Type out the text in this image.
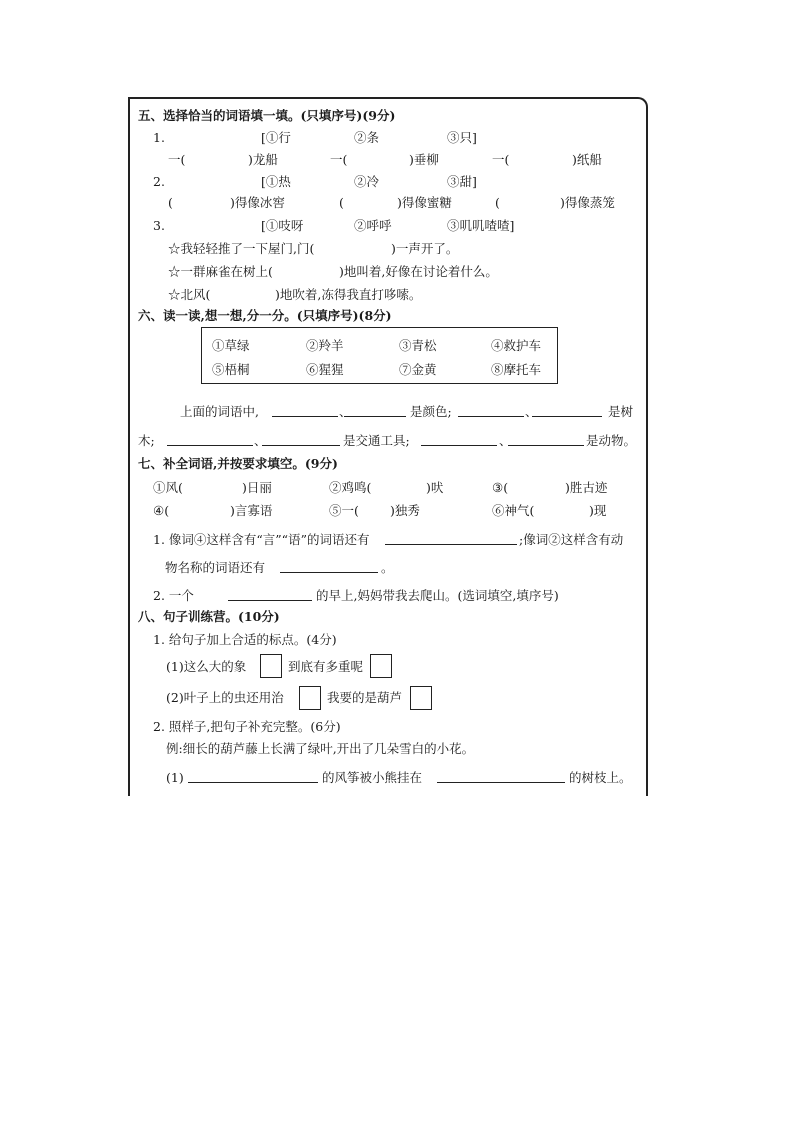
五、选择恰当的词语填一填。(只填序号)(9分)
1.	[①行	②条	③只]
一(	)龙船	一(	)垂柳	一(	)纸船
2.	[①热	②冷	③甜]
(	)得像冰窖	(	)得像蜜糖	(	)得像蒸笼
3.	[①吱呀	②呼呼	③叽叽喳喳]
☆我轻轻推了一下屋门,门(	)一声开了。
☆一群麻雀在树上(	)地叫着,好像在讨论着什么。
☆北风(	)地吹着,冻得我直打哆嗦。
六、读一读,想一想,分一分。(只填序号)(8分)
①草绿	②羚羊	③青松	④救护车
⑤梧桐	⑥猩猩	⑦金黄	⑧摩托车
上面的词语中,	、	是颜色;	、	是树
木;	、	是交通工具;	、	是动物。
七、补全词语,并按要求填空。(9分)
①风(	)日丽	②鸡鸣(	)吠	③(	)胜古迹
④(	)言寡语	⑤一( )独秀	⑥神气(	)现
1. 像词④这样含有“言”“语”的词语还有	;像词②这样含有动
物名称的词语还有	。
2. 一个	的早上,妈妈带我去爬山。(选词填空,填序号)
八、句子训练营。(10分)
1. 给句子加上合适的标点。(4分)
(1)这么大的象	到底有多重呢
(2)叶子上的虫还用治	我要的是葫芦
2. 照样子,把句子补充完整。(6分)
例:细长的葫芦藤上长满了绿叶,开出了几朵雪白的小花。
(1)	的风筝被小熊挂在	的树枝上。
